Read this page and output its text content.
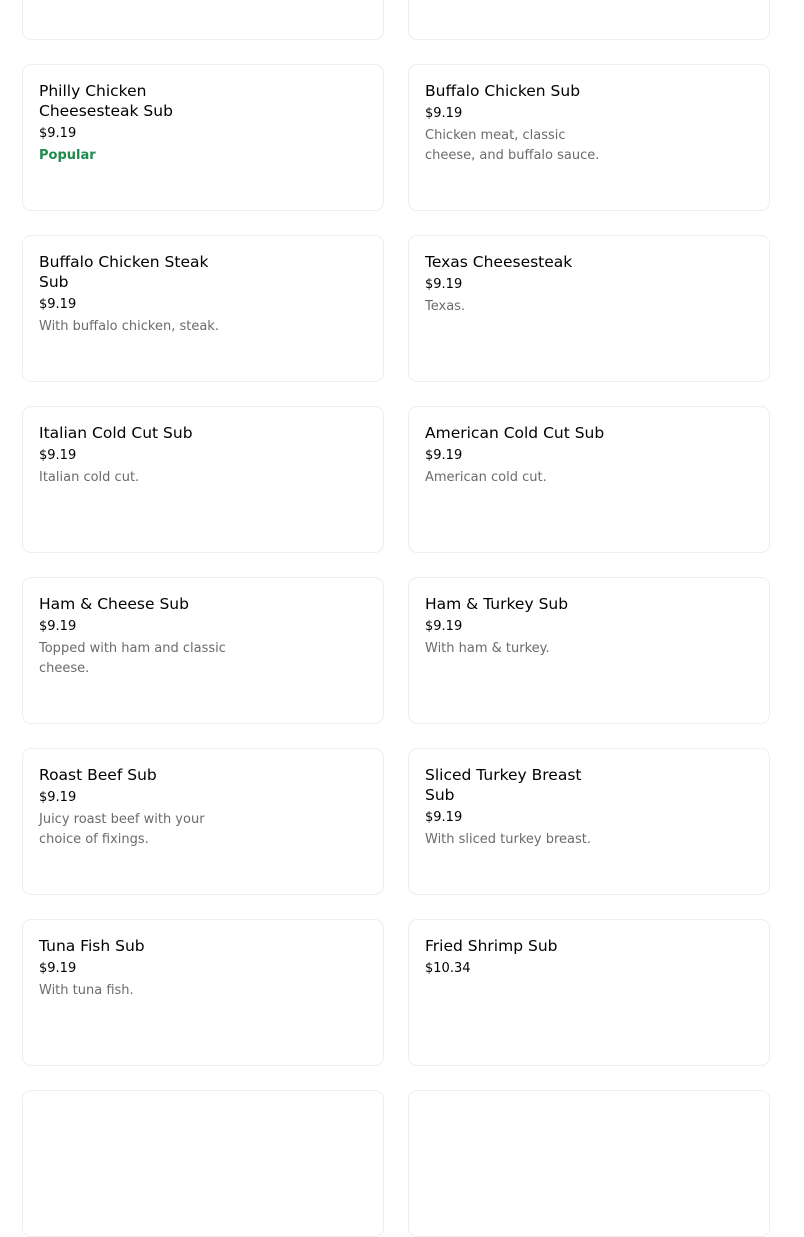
Philly Chicken Cheesesteak Sub
$9.19
Popular
Buffalo Chicken Sub
$9.19
Chicken meat, classic cheese, and buffalo sauce.
Buffalo Chicken Steak Sub
$9.19
With buffalo chicken, steak.
Texas Cheesesteak
$9.19
Texas.
Italian Cold Cut Sub
$9.19
Italian cold cut.
American Cold Cut Sub
$9.19
American cold cut.
Ham & Cheese Sub
$9.19
Topped with ham and classic cheese.
Ham & Turkey Sub
$9.19
With ham & turkey.
Roast Beef Sub
$9.19
Juicy roast beef with your choice of fixings.
Sliced Turkey Breast Sub
$9.19
With sliced turkey breast.
Tuna Fish Sub
$9.19
With tuna fish.
Fried Shrimp Sub
$10.34
